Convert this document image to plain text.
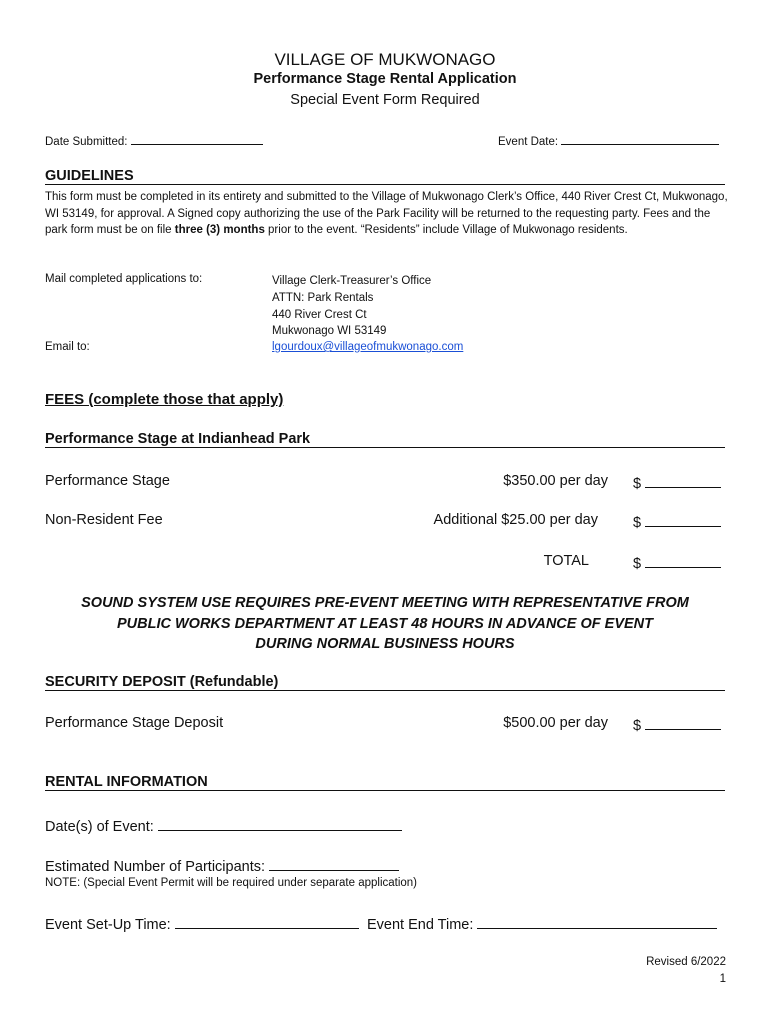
VILLAGE OF MUKWONAGO
Performance Stage Rental Application
Special Event Form Required
Date Submitted:	Event Date:
GUIDELINES
This form must be completed in its entirety and submitted to the Village of Mukwonago Clerk’s Office, 440 River Crest Ct, Mukwonago, WI 53149, for approval. A Signed copy authorizing the use of the Park Facility will be returned to the requesting party. Fees and the park form must be on file three (3) months prior to the event. “Residents” include Village of Mukwonago residents.
Mail completed applications to:	Village Clerk-Treasurer’s Office
ATTN: Park Rentals
440 River Crest Ct
Mukwonago WI 53149
Email to:	lgourdoux@villageofmukwonago.com
FEES (complete those that apply)
Performance Stage at Indianhead Park
Performance Stage	$350.00 per day $
Non-Resident Fee	Additional $25.00 per day $
TOTAL	$
SOUND SYSTEM USE REQUIRES PRE-EVENT MEETING WITH REPRESENTATIVE FROM
PUBLIC WORKS DEPARTMENT AT LEAST 48 HOURS IN ADVANCE OF EVENT
DURING NORMAL BUSINESS HOURS
SECURITY DEPOSIT (Refundable)
Performance Stage Deposit	$500.00 per day $
RENTAL INFORMATION
Date(s) of Event:
Estimated Number of Participants:
NOTE: (Special Event Permit will be required under separate application)
Event Set-Up Time:	Event End Time:
Revised 6/2022
1
